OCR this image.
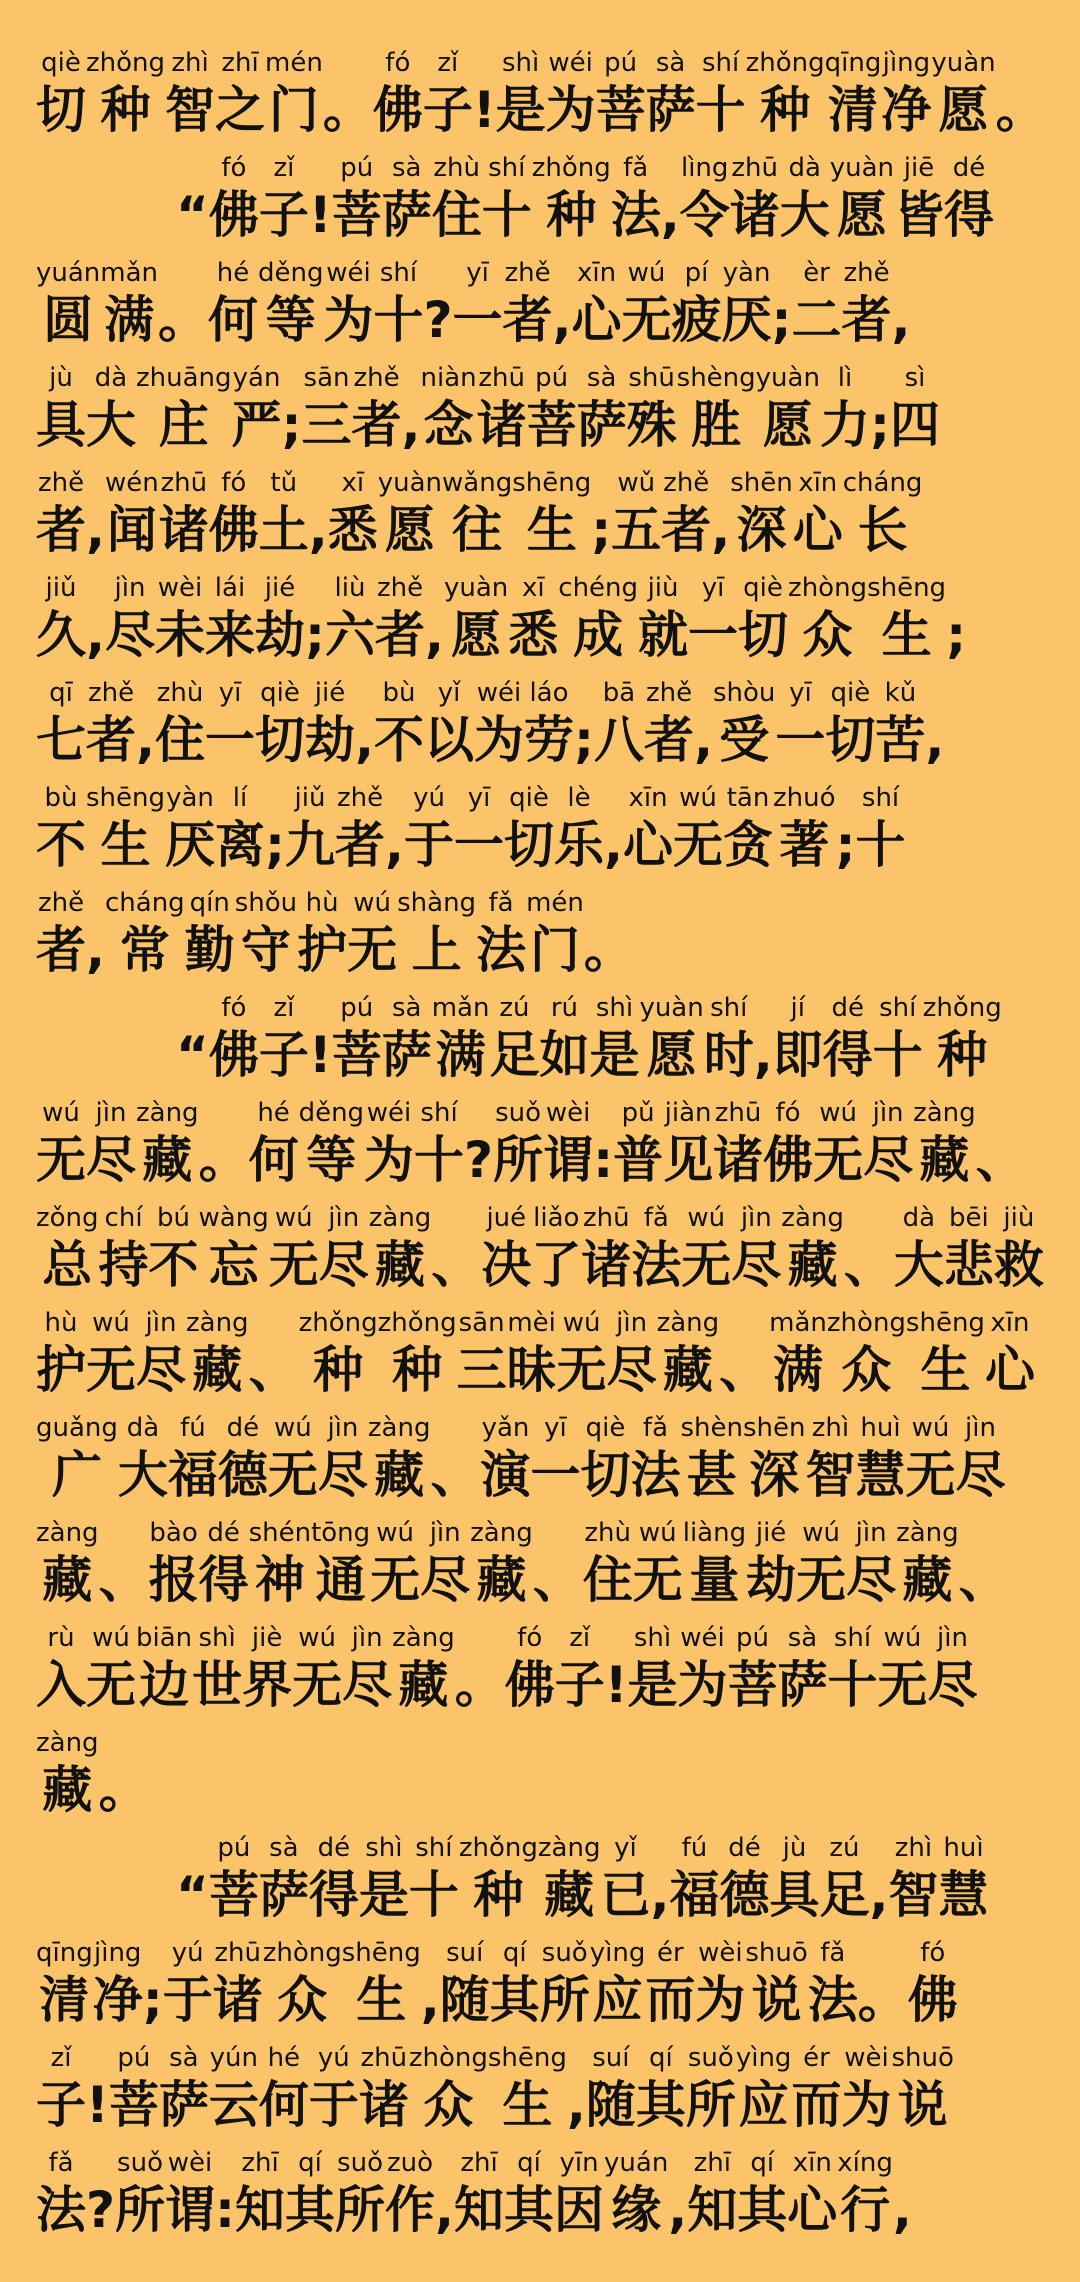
qiè
切
zhǒng
种
zhì
智
zhī
之
mén
门 。
fó
佛
zǐ
子 !
shì
是
wéi
为
pú
菩
sà
萨
shí
十
zhǒng
种
qīng
清
jìng
净
yuàn
愿 。
“
fó
佛
zǐ
子 !
pú
菩
sà
萨
zhù
住
shí
十
zhǒng
种
fǎ
法 ,
lìng
令
zhū
诸
dà
大
yuàn
愿
jiē
皆
dé
得
yuán
圆
mǎn
满 。
hé
何
děng
等
wéi
为
shí
十 ?
yī
一
zhě
者 ,
xīn
心
wú
无
pí
疲
yàn
厌 ;
èr
二
zhě
者 ,
jù
具
dà
大
zhuāng
庄
yán
严 ;
sān
三
zhě
者 ,
niàn
念
zhū
诸
pú
菩
sà
萨
shū
殊
shèng
胜
yuàn
愿
lì
力 ;
sì
四
zhě
者 ,
wén
闻
zhū
诸
fó
佛
tǔ
土 ,
xī
悉
yuàn
愿
wǎng
往
shēng
生 ;
wǔ
五
zhě
者 ,
shēn
深
xīn
心
cháng
长
jiǔ
久 ,
jìn
尽
wèi
未
lái
来
jié
劫 ;
liù
六
zhě
者 ,
yuàn
愿
xī
悉
chéng
成
jiù
就
yī
一
qiè
切
zhòng
众
shēng
生 ;
qī
七
zhě
者 ,
zhù
住
yī
一
qiè
切
jié
劫 ,
bù
不
yǐ
以
wéi
为
láo
劳 ;
bā
八
zhě
者 ,
shòu
受
yī
一
qiè
切
kǔ
苦 ,
bù
不
shēng
生
yàn
厌
lí
离 ;
jiǔ
九
zhě
者 ,
yú
于
yī
一
qiè
切
lè
乐 ,
xīn
心
wú
无
tān
贪
zhuó
著 ;
shí
十
zhě
者 ,
cháng
常
qín
勤
shǒu
守
hù
护
wú
无
shàng
上
fǎ
法
mén
门 。
“
fó
佛
zǐ
子 !
pú
菩
sà
萨
mǎn
满
zú
足
rú
如
shì
是
yuàn
愿
shí
时 ,
jí
即
dé
得
shí
十
zhǒng
种
wú
无
jìn
尽
zàng
藏 。
hé
何
děng
等
wéi
为
shí
十 ?
suǒ
所
wèi
谓 :
pǔ
普
jiàn
见
zhū
诸
fó
佛
wú
无
jìn
尽
zàng
藏 、
zǒng
总
chí
持
bú
不
wàng
忘
wú
无
jìn
尽
zàng
藏 、
jué
决
liǎo
了
zhū
诸
fǎ
法
wú
无
jìn
尽
zàng
藏 、
dà
大
bēi
悲
jiù
救
hù
护
wú
无
jìn
尽
zàng
藏 、
zhǒng
种
zhǒng
种
sān
三
mèi
昧
wú
无
jìn
尽
zàng
藏 、
mǎn
满
zhòng
众
shēng
生
xīn
心
guǎng
广
dà
大
fú
福
dé
德
wú
无
jìn
尽
zàng
藏 、
yǎn
演
yī
一
qiè
切
fǎ
法
shèn
甚
shēn
深
zhì
智
huì
慧
wú
无
jìn
尽
zàng
藏 、
bào
报
dé
得
shén
神
tōng
通
wú
无
jìn
尽
zàng
藏 、
zhù
住
wú
无
liàng
量
jié
劫
wú
无
jìn
尽
zàng
藏 、
rù
入
wú
无
biān
边
shì
世
jiè
界
wú
无
jìn
尽
zàng
藏 。
fó
佛
zǐ
子 !
shì
是
wéi
为
pú
菩
sà
萨
shí
十
wú
无
jìn
尽
zàng
藏 。
“
pú
菩
sà
萨
dé
得
shì
是
shí
十
zhǒng
种
zàng
藏
yǐ
已 ,
fú
福
dé
德
jù
具
zú
足 ,
zhì
智
huì
慧
qīng
清
jìng
净 ;
yú
于
zhū
诸
zhòng
众
shēng
生 ,
suí
随
qí
其
suǒ
所
yìng
应
ér
而
wèi
为
shuō
说
fǎ
法 。
fó
佛
zǐ
子 !
pú
菩
sà
萨
yún
云
hé
何
yú
于
zhū
诸
zhòng
众
shēng
生 ,
suí
随
qí
其
suǒ
所
yìng
应
ér
而
wèi
为
shuō
说
fǎ
法 ?
suǒ
所
wèi
谓 :
zhī
知
qí
其
suǒ
所
zuò
作 ,
zhī
知
qí
其
yīn
因
yuán
缘 ,
zhī
知
qí
其
xīn
心
xíng
行 ,
